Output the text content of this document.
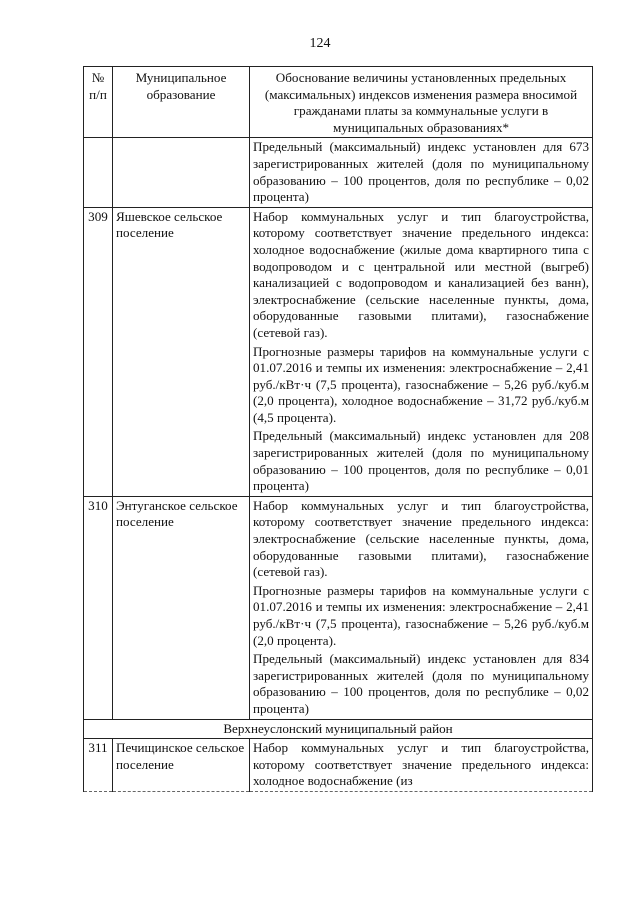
124
№ п/п	Муниципальное образование	Обоснование величины установленных предельных (максимальных) индексов изменения размера вносимой гражданами платы за коммунальные услуги в муниципальных образованиях*
		Предельный (максимальный) индекс установлен для 673 зарегистрированных жителей (доля по муниципальному образованию – 100 процентов, доля по республике – 0,02 процента)
309	Яшевское сельское поселение	Набор коммунальных услуг и тип благоустройства, которому соответствует значение предельного индекса: холодное водоснабжение (жилые дома квартирного типа с водопроводом и с центральной или местной (выгреб) канализацией с водопроводом и канализацией без ванн), электроснабжение (сельские населенные пункты, дома, оборудованные газовыми плитами), газоснабжение (сетевой газ).

Прогнозные размеры тарифов на коммунальные услуги с 01.07.2016 и темпы их изменения: электроснабжение – 2,41 руб./кВт·ч (7,5 процента), газоснабжение – 5,26 руб./куб.м (2,0 процента), холодное водоснабжение – 31,72 руб./куб.м (4,5 процента).

Предельный (максимальный) индекс установлен для 208 зарегистрированных жителей (доля по муниципальному образованию – 100 процентов, доля по республике – 0,01 процента)

310	Энтуганское сельское поселение	Набор коммунальных услуг и тип благоустройства, которому соответствует значение предельного индекса: электроснабжение (сельские населенные пункты, дома, оборудованные газовыми плитами), газоснабжение (сетевой газ).

Прогнозные размеры тарифов на коммунальные услуги с 01.07.2016 и темпы их изменения: электроснабжение – 2,41 руб./кВт·ч (7,5 процента), газоснабжение – 5,26 руб./куб.м (2,0 процента).

Предельный (максимальный) индекс установлен для 834 зарегистрированных жителей (доля по муниципальному образованию – 100 процентов, доля по республике – 0,02 процента)

Верхнеуслонский муниципальный район		
311	Печищинское сельское поселение	Набор коммунальных услуг и тип благоустройства, которому соответствует значение предельного индекса: холодное водоснабжение (из
